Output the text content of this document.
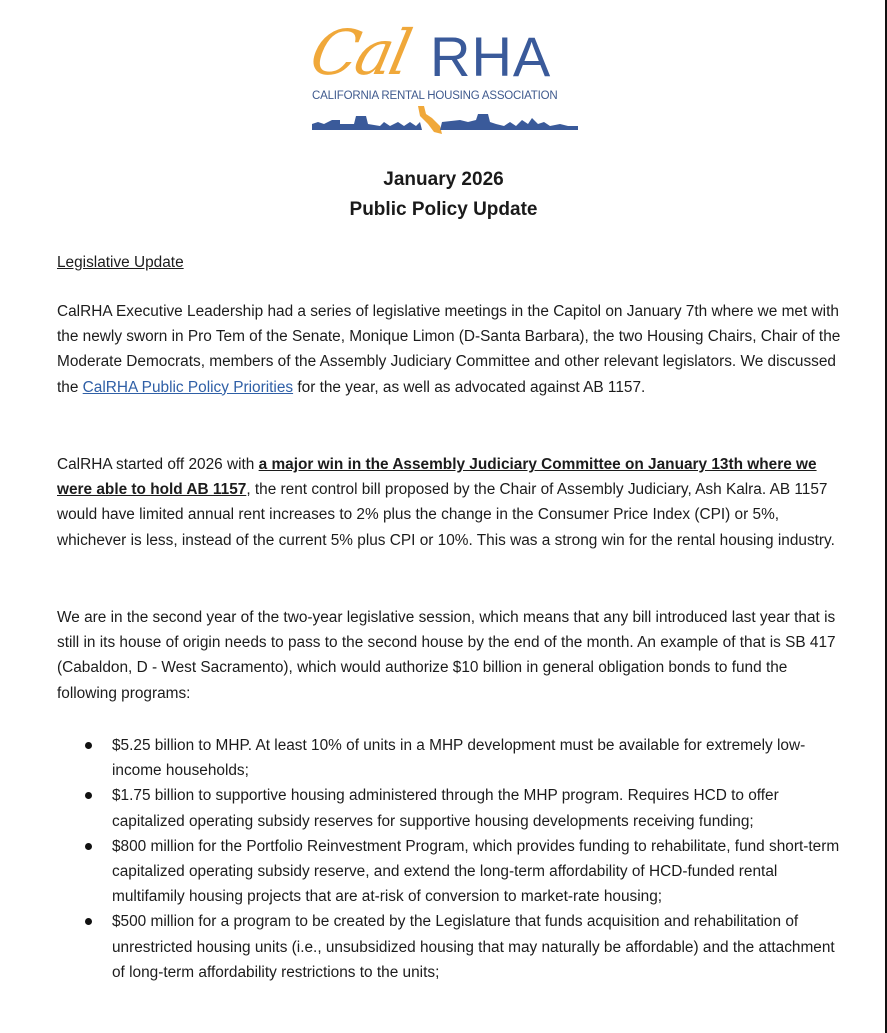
Cal RHA
CALIFORNIA RENTAL HOUSING ASSOCIATION
January 2026
Public Policy Update
Legislative Update
CalRHA Executive Leadership had a series of legislative meetings in the Capitol on January 7th where we met with the newly sworn in Pro Tem of the Senate, Monique Limon (D-Santa Barbara), the two Housing Chairs, Chair of the Moderate Democrats, members of the Assembly Judiciary Committee and other relevant legislators. We discussed the CalRHA Public Policy Priorities for the year, as well as advocated against AB 1157.
CalRHA started off 2026 with a major win in the Assembly Judiciary Committee on January 13th where we were able to hold AB 1157, the rent control bill proposed by the Chair of Assembly Judiciary, Ash Kalra. AB 1157 would have limited annual rent increases to 2% plus the change in the Consumer Price Index (CPI) or 5%, whichever is less, instead of the current 5% plus CPI or 10%. This was a strong win for the rental housing industry.
We are in the second year of the two-year legislative session, which means that any bill introduced last year that is still in its house of origin needs to pass to the second house by the end of the month. An example of that is SB 417 (Cabaldon, D - West Sacramento), which would authorize $10 billion in general obligation bonds to fund the following programs:
$5.25 billion to MHP. At least 10% of units in a MHP development must be available for extremely low-income households;
$1.75 billion to supportive housing administered through the MHP program. Requires HCD to offer capitalized operating subsidy reserves for supportive housing developments receiving funding;
$800 million for the Portfolio Reinvestment Program, which provides funding to rehabilitate, fund short-term capitalized operating subsidy reserve, and extend the long-term affordability of HCD-funded rental multifamily housing projects that are at-risk of conversion to market-rate housing;
$500 million for a program to be created by the Legislature that funds acquisition and rehabilitation of unrestricted housing units (i.e., unsubsidized housing that may naturally be affordable) and the attachment of long-term affordability restrictions to the units;
